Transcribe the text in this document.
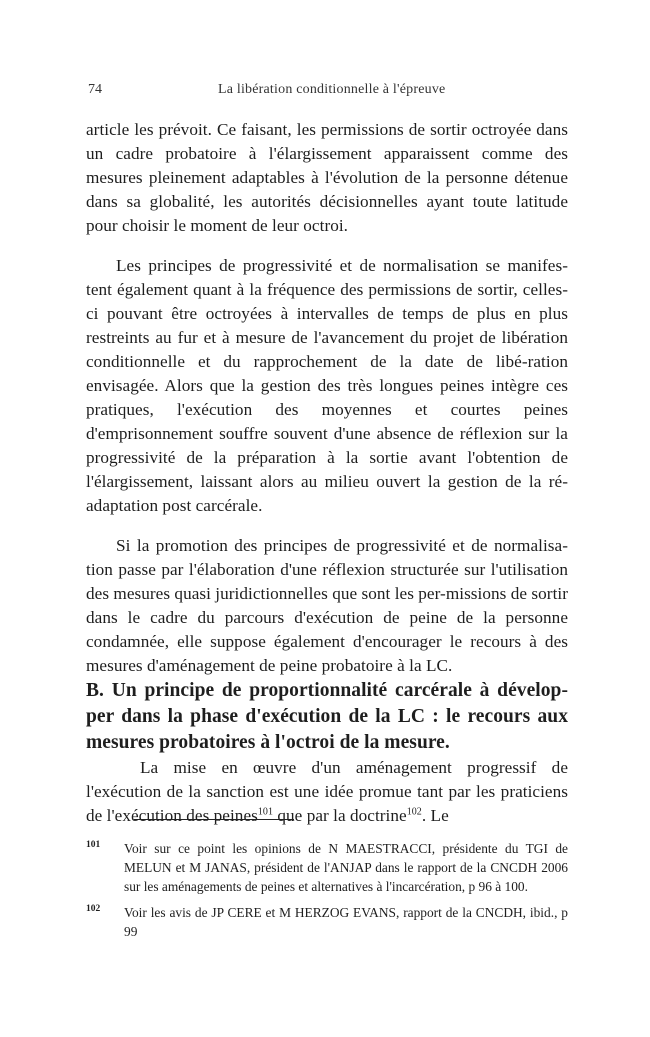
74	La libération conditionnelle à l'épreuve

article les prévoit. Ce faisant, les permissions de sortir octroyée dans un cadre probatoire à l'élargissement apparaissent comme des mesures pleinement adaptables à l'évolution de la personne détenue dans sa globalité, les autorités décisionnelles ayant toute latitude pour choisir le moment de leur octroi.

Les principes de progressivité et de normalisation se manifes-tent également quant à la fréquence des permissions de sortir, celles-ci pouvant être octroyées à intervalles de temps de plus en plus restreints au fur et à mesure de l'avancement du projet de libération conditionnelle et du rapprochement de la date de libé-ration envisagée. Alors que la gestion des très longues peines intègre ces pratiques, l'exécution des moyennes et courtes peines d'emprisonnement souffre souvent d'une absence de réflexion sur la progressivité de la préparation à la sortie avant l'obtention de l'élargissement, laissant alors au milieu ouvert la gestion de la ré-adaptation post carcérale.

Si la promotion des principes de progressivité et de normalisa-tion passe par l'élaboration d'une réflexion structurée sur l'utilisation des mesures quasi juridictionnelles que sont les per-missions de sortir dans le cadre du parcours d'exécution de peine de la personne condamnée, elle suppose également d'encourager le recours à des mesures d'aménagement de peine probatoire à la LC.

B. Un principe de proportionnalité carcérale à dévelop-per dans la phase d'exécution de la LC : le recours aux mesures probatoires à l'octroi de la mesure.

La mise en œuvre d'un aménagement progressif de l'exécution de la sanction est une idée promue tant par les praticiens de l'exécution des peines$^{101}$ que par la doctrine$^{102}$. Le

101 Voir sur ce point les opinions de N MAESTRACCI, présidente du TGI de MELUN et M JANAS, président de l'ANJAP dans le rapport de la CNCDH 2006 sur les aménagements de peines et alternatives à l'incarcération, p 96 à 100.

102 Voir les avis de JP CERE et M HERZOG EVANS, rapport de la CNCDH, ibid., p 99
